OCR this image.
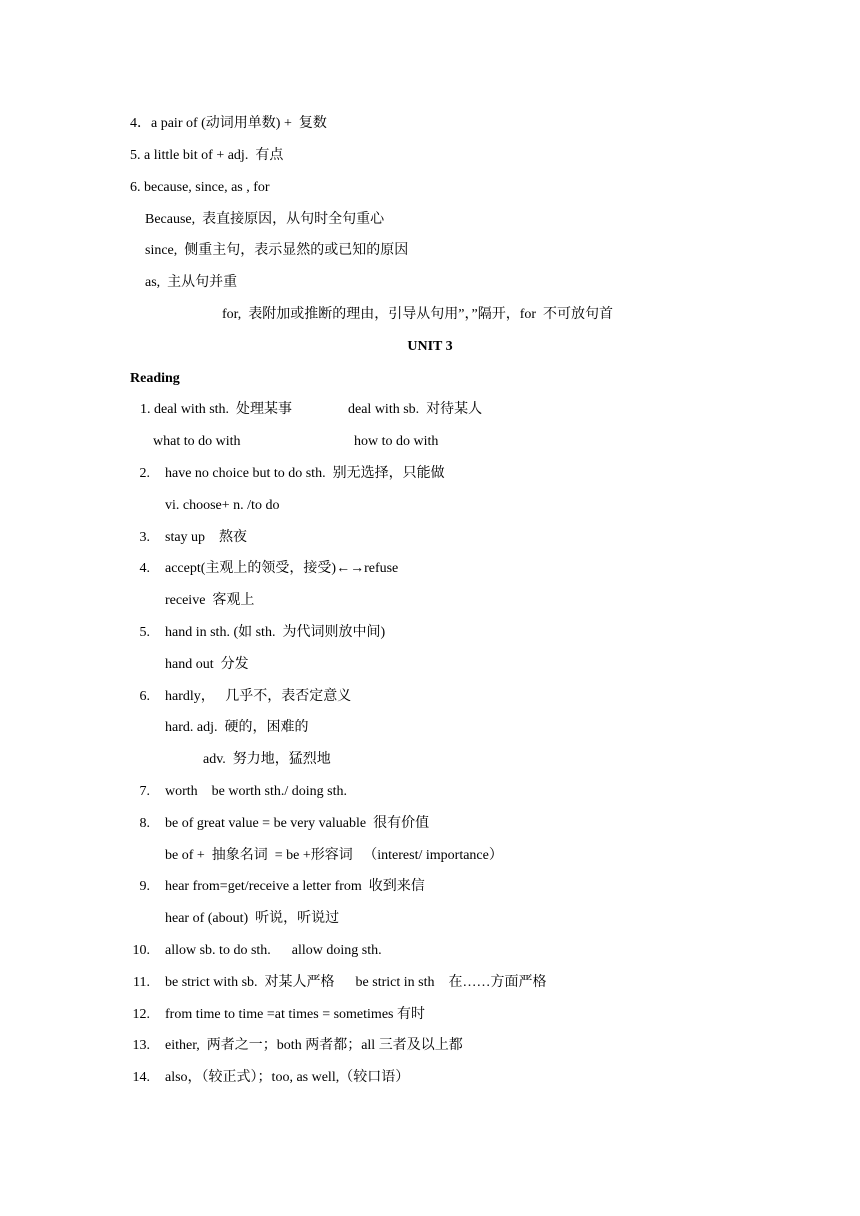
4．a pair of (动词用单数) +  复数
5. a little bit of + adj.  有点
6. because, since, as , for
Because,  表直接原因，从句时全句重心
since,  侧重主句，表示显然的或已知的原因
as,  主从句并重
for,  表附加或推断的理由，引导从句用”，”隔开，for  不可放句首
UNIT 3
Reading
1. deal with sth.  处理某事	deal with sb.  对待某人
what to do with	how to do with
2. have no choice but to do sth.  别无选择，只能做
vi. choose+ n. /to do
3. stay up    熬夜
4. accept(主观上的领受，接受)←→refuse
receive  客观上
5. hand in sth. (如 sth.  为代词则放中间)
hand out  分发
6. hardly，   几乎不，表否定意义
hard. adj.  硬的，困难的
adv.  努力地，猛烈地
7. worth    be worth sth./ doing sth.
8. be of great value = be very valuable  很有价值
be of +  抽象名词  = be +形容词   （interest/ importance）
9. hear from=get/receive a letter from  收到来信
hear of (about)  听说，听说过
10. allow sb. to do sth.      allow doing sth.
11. be strict with sb.  对某人严格      be strict in sth    在……方面严格
12. from time to time =at times = sometimes 有时
13. either,  两者之一；both 两者都；all 三者及以上都
14. also，（较正式）；too, as well,（较口语）
